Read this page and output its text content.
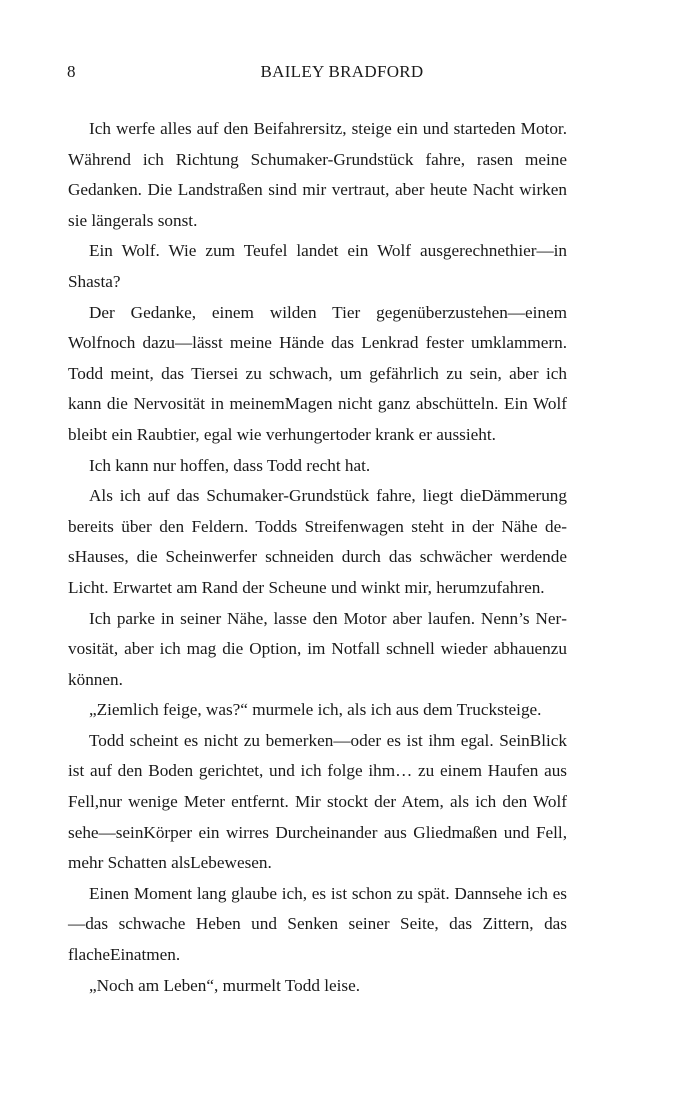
8	BAILEY BRADFORD

Ich werfe alles auf den Beifahrersitz, steige ein und starteden Motor. Während ich Richtung Schumaker-Grundstück fahre, rasen meine Gedanken. Die Landstraßen sind mir vertraut, aber heute Nacht wirken sie längerals sonst.

Ein Wolf. Wie zum Teufel landet ein Wolf ausgerechnethier—in Shasta?

Der Gedanke, einem wilden Tier gegenüberzustehen—einem Wolfnoch dazu—lässt meine Hände das Lenkrad fester umklammern. Todd meint, das Tiersei zu schwach, um gefährlich zu sein, aber ich kann die Nervosität in meinemMagen nicht ganz abschütteln. Ein Wolf bleibt ein Raubtier, egal wie verhungertoder krank er aussieht.

Ich kann nur hoffen, dass Todd recht hat.

Als ich auf das Schumaker-Grundstück fahre, liegt dieDämmerung bereits über den Feldern. Todds Streifenwagen steht in der Nähe desHauses, die Scheinwerfer schneiden durch das schwächer werdende Licht. Erwartet am Rand der Scheune und winkt mir, herumzufahren.

Ich parke in seiner Nähe, lasse den Motor aber laufen. Nenn’s Nervosität, aber ich mag die Option, im Notfall schnell wieder abhauenzu können.

„Ziemlich feige, was?“ murmele ich, als ich aus dem Trucksteige.

Todd scheint es nicht zu bemerken—oder es ist ihm egal. SeinBlick ist auf den Boden gerichtet, und ich folge ihm… zu einem Haufen aus Fell,nur wenige Meter entfernt. Mir stockt der Atem, als ich den Wolf sehe—seinKörper ein wirres Durcheinander aus Gliedmaßen und Fell, mehr Schatten alsLebewesen.

Einen Moment lang glaube ich, es ist schon zu spät. Dannsehe ich es—das schwache Heben und Senken seiner Seite, das Zittern, das flacheEinatmen.

„Noch am Leben“, murmelt Todd leise.
